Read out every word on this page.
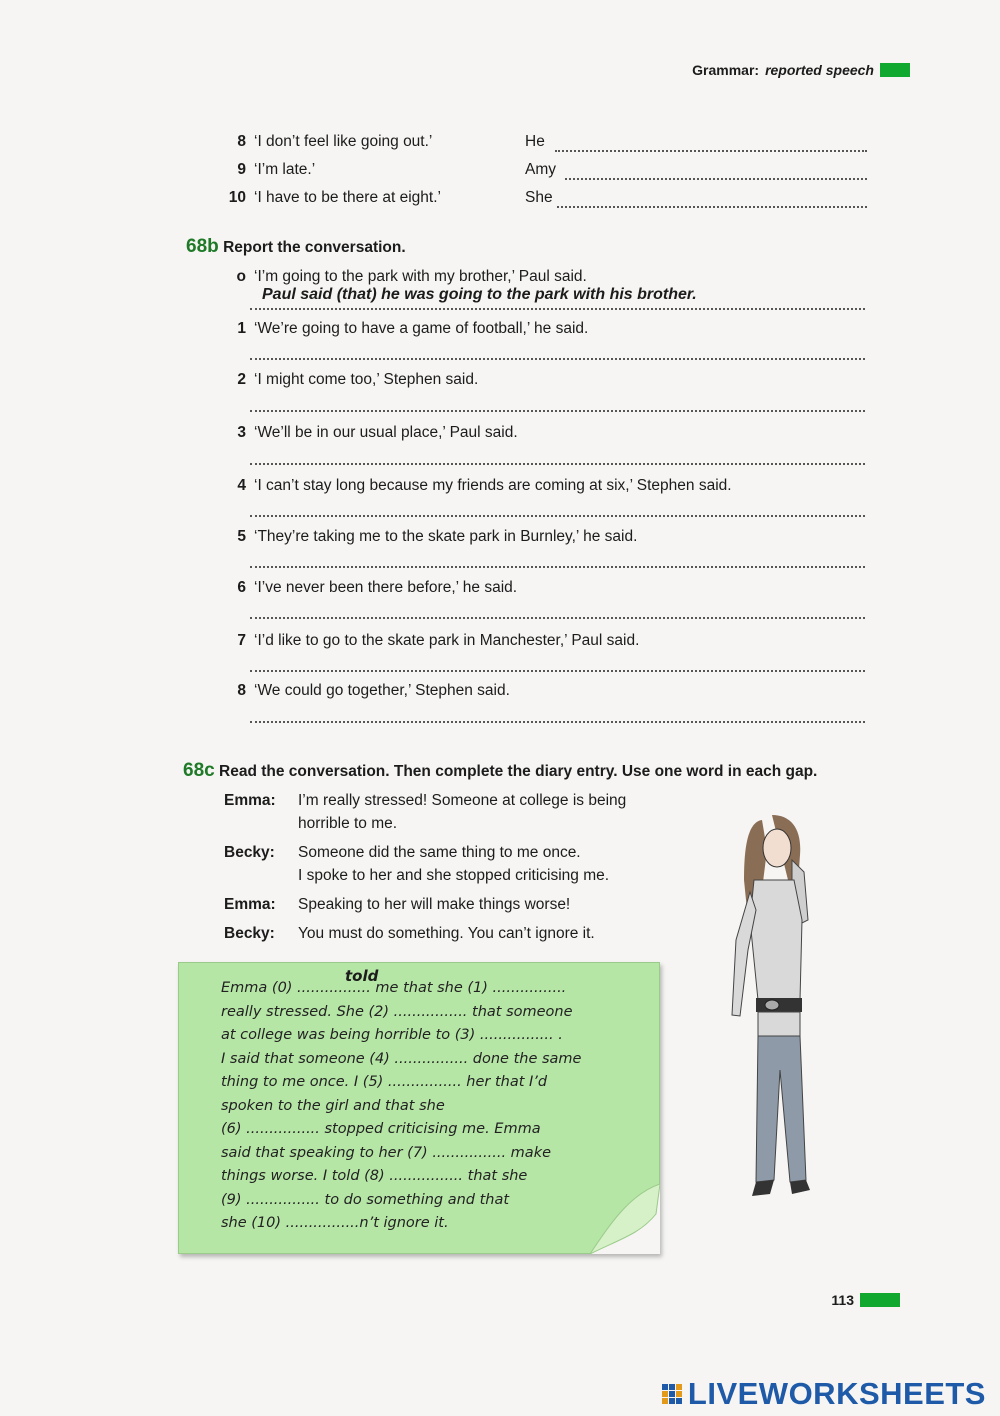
Grammar: reported speech
8 ‘I don’t feel like going out.’	He
9 ‘I’m late.’	Amy
10 ‘I have to be there at eight.’	She
68b Report the conversation.
o ‘I’m going to the park with my brother,’ Paul said.
Paul said (that) he was going to the park with his brother.
1 ‘We’re going to have a game of football,’ he said.
2 ‘I might come too,’ Stephen said.
3 ‘We’ll be in our usual place,’ Paul said.
4 ‘I can’t stay long because my friends are coming at six,’ Stephen said.
5 ‘They’re taking me to the skate park in Burnley,’ he said.
6 ‘I’ve never been there before,’ he said.
7 ‘I’d like to go to the skate park in Manchester,’ Paul said.
8 ‘We could go together,’ Stephen said.
68c Read the conversation. Then complete the diary entry. Use one word in each gap.
Emma:	I’m really stressed! Someone at college is being
horrible to me.
Becky:	Someone did the same thing to me once.
I spoke to her and she stopped criticising me.
Emma:	Speaking to her will make things worse!
Becky:	You must do something. You can’t ignore it.
told
Emma (0) ................ me that she (1) ................
really stressed. She (2) ................ that someone
at college was being horrible to (3) ................ .
I said that someone (4) ................ done the same
thing to me once. I (5) ................ her that I’d
spoken to the girl and that she
(6) ................ stopped criticising me. Emma
said that speaking to her (7) ................ make
things worse. I told (8) ................ that she
(9) ................ to do something and that
she (10) ................n’t ignore it.
113
LIVEWORKSHEETS
